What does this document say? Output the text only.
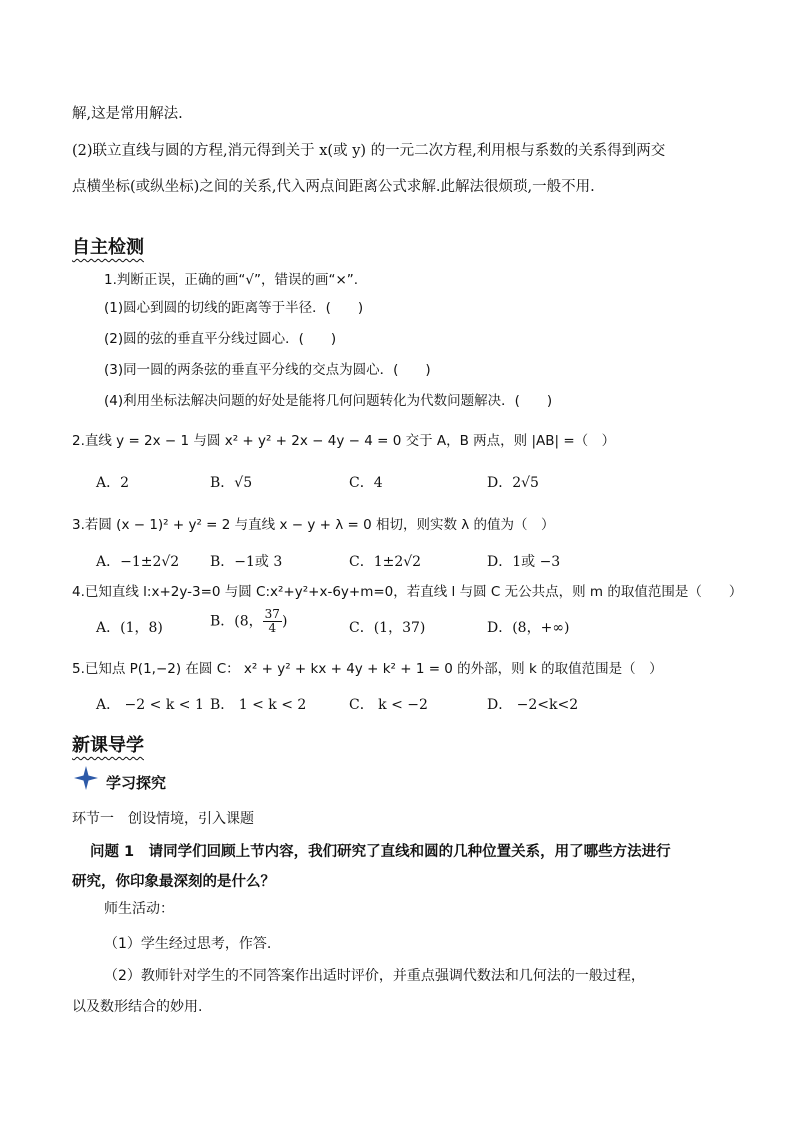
解,这是常用解法.
(2)联立直线与圆的方程,消元得到关于 x(或 y) 的一元二次方程,利用根与系数的关系得到两交
点横坐标(或纵坐标)之间的关系,代入两点间距离公式求解.此解法很烦琐,一般不用.
自主检测
1.判断正误，正确的画“√”，错误的画“×”.
(1)圆心到圆的切线的距离等于半径．(　　)
(2)圆的弦的垂直平分线过圆心．(　　)
(3)同一圆的两条弦的垂直平分线的交点为圆心．(　　)
(4)利用坐标法解决问题的好处是能将几何问题转化为代数问题解决．(　　)
2.直线 y = 2x − 1 与圆 x² + y² + 2x − 4y − 4 = 0 交于 A，B 两点，则 |AB| =（　）
A．2	B．√5	C．4	D．2√5
3.若圆 (x − 1)² + y² = 2 与直线 x − y + λ = 0 相切，则实数 λ 的值为（　）
A．−1±2√2 B．−1或 3	C．1±2√2	D．1或 −3
4.已知直线 l:x+2y-3=0 与圆 C:x²+y²+x-6y+m=0，若直线 l 与圆 C 无公共点，则 m 的取值范围是（　　）
A．(1，8)	B．(8， $\frac{37}{4}$ )	C．(1，37)	D．(8，+∞)
5.已知点 P(1,−2) 在圆 C： x² + y² + kx + 4y + k² + 1 = 0 的外部，则 k 的取值范围是（　）
A． −2 < k < 1 B． 1 < k < 2	C． k < −2	D． −2<k<2
新课导学
学习探究
环节一　创设情境，引入课题
问题 1　请同学们回顾上节内容，我们研究了直线和圆的几种位置关系，用了哪些方法进行
研究，你印象最深刻的是什么？
师生活动：
（1）学生经过思考，作答.
（2）教师针对学生的不同答案作出适时评价，并重点强调代数法和几何法的一般过程，
以及数形结合的妙用.
